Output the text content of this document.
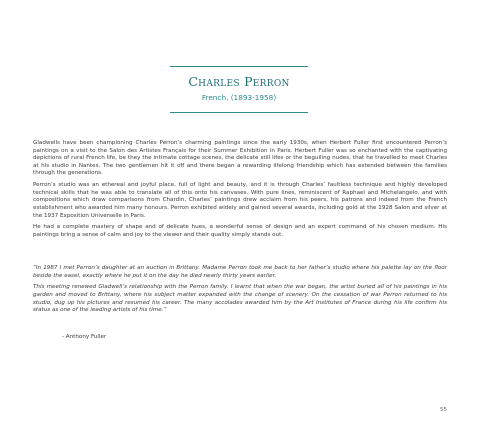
Charles Perron
French, (1893-1958)

Gladwells have been championing Charles Perron’s charming paintings since the early 1930s, when Herbert Fuller first encountered Perron’s paintings on a visit to the Salon des Artistes Français for their Summer Exhibition in Paris. Herbert Fuller was so enchanted with the captivating depictions of rural French life, be they the intimate cottage scenes, the delicate still lifes or the beguiling nudes, that he travelled to meet Charles at his studio in Nantes. The two gentlemen hit it off and there began a rewarding lifelong friendship which has extended between the families through the generations.

Perron’s studio was an ethereal and joyful place, full of light and beauty, and it is through Charles’ faultless technique and highly developed technical skills that he was able to translate all of this onto his canvases. With pure lines, reminiscent of Raphael and Michelangelo, and with compositions which draw comparisons from Chardin, Charles’ paintings drew acclaim from his peers, his patrons and indeed from the French establishment who awarded him many honours. Perron exhibited widely and gained several awards, including gold at the 1928 Salon and silver at the 1937 Exposition Universelle in Paris.

He had a complete mastery of shape and of delicate hues, a wonderful sense of design and an expert command of his chosen medium. His paintings bring a sense of calm and joy to the viewer and their quality simply stands out.

“In 1987 I met Perron’s daughter at an auction in Brittany. Madame Perron took me back to her father’s studio where his palette lay on the floor beside the easel, exactly where he put it on the day he died nearly thirty years earlier.

This meeting renewed Gladwell’s relationship with the Perron family. I learnt that when the war began, the artist buried all of his paintings in his garden and moved to Brittany, where his subject matter expanded with the change of scenery. On the cessation of war Perron returned to his studio, dug up his pictures and resumed his career. The many accolades awarded him by the Art Institutes of France during his life confirm his status as one of the leading artists of his time.”

- Anthony Fuller
55
